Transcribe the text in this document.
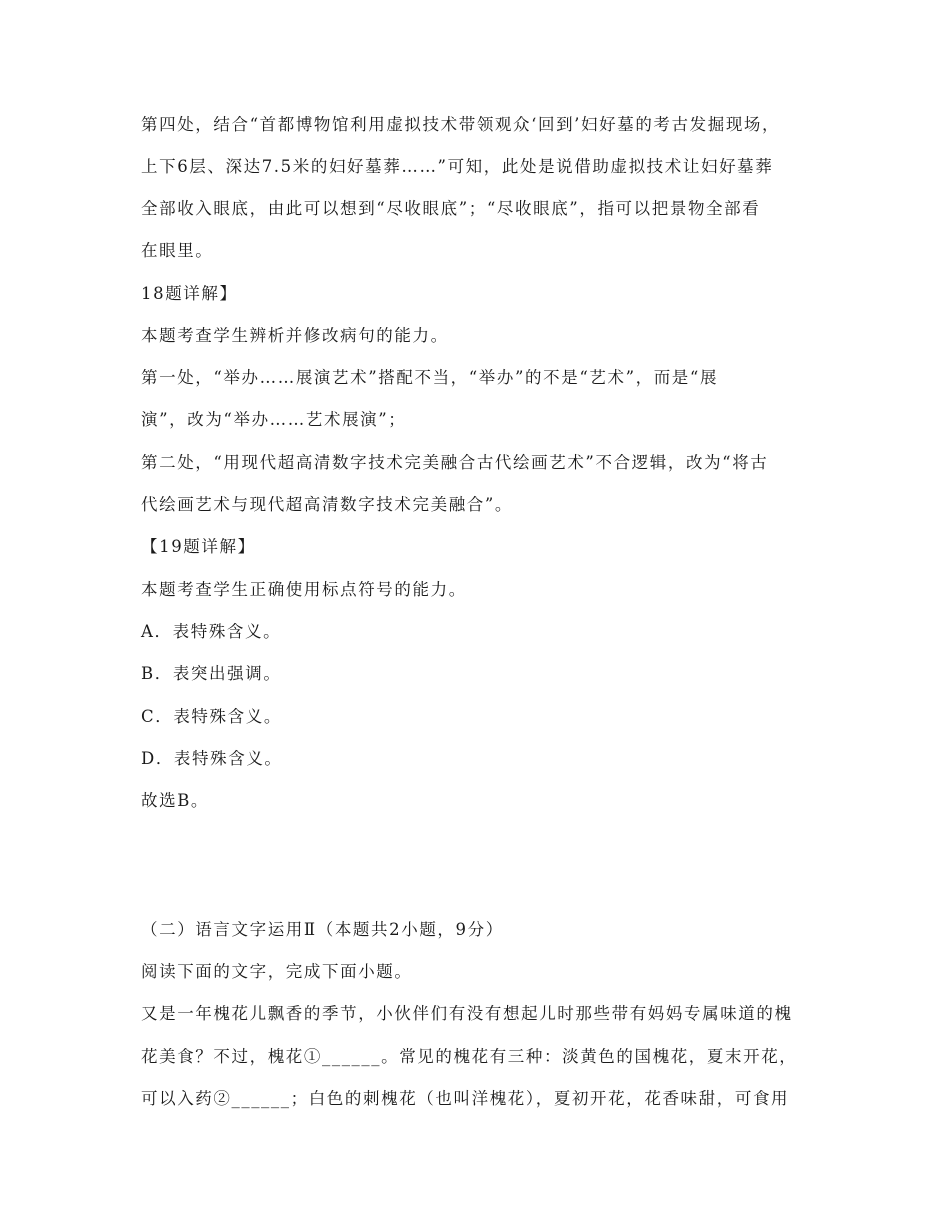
第四处，结合“首都博物馆利用虚拟技术带领观众‘回到’妇好墓的考古发掘现场，
上下6层、深达7.5米的妇好墓葬……”可知，此处是说借助虚拟技术让妇好墓葬
全部收入眼底，由此可以想到“尽收眼底”；“尽收眼底”，指可以把景物全部看
在眼里。
18题详解】
本题考查学生辨析并修改病句的能力。
第一处，“举办……展演艺术”搭配不当，“举办”的不是“艺术”，而是“展
演”，改为“举办……艺术展演”；
第二处，“用现代超高清数字技术完美融合古代绘画艺术”不合逻辑，改为“将古
代绘画艺术与现代超高清数字技术完美融合”。
【19题详解】
本题考查学生正确使用标点符号的能力。
A．表特殊含义。
B．表突出强调。
C．表特殊含义。
D．表特殊含义。
故选B。
（二）语言文字运用Ⅱ（本题共2小题，9分）
阅读下面的文字，完成下面小题。
又是一年槐花儿飘香的季节，小伙伴们有没有想起儿时那些带有妈妈专属味道的槐
花美食？不过，槐花①______。常见的槐花有三种：淡黄色的国槐花，夏末开花，
可以入药②______；白色的刺槐花（也叫洋槐花），夏初开花，花香味甜，可食用
